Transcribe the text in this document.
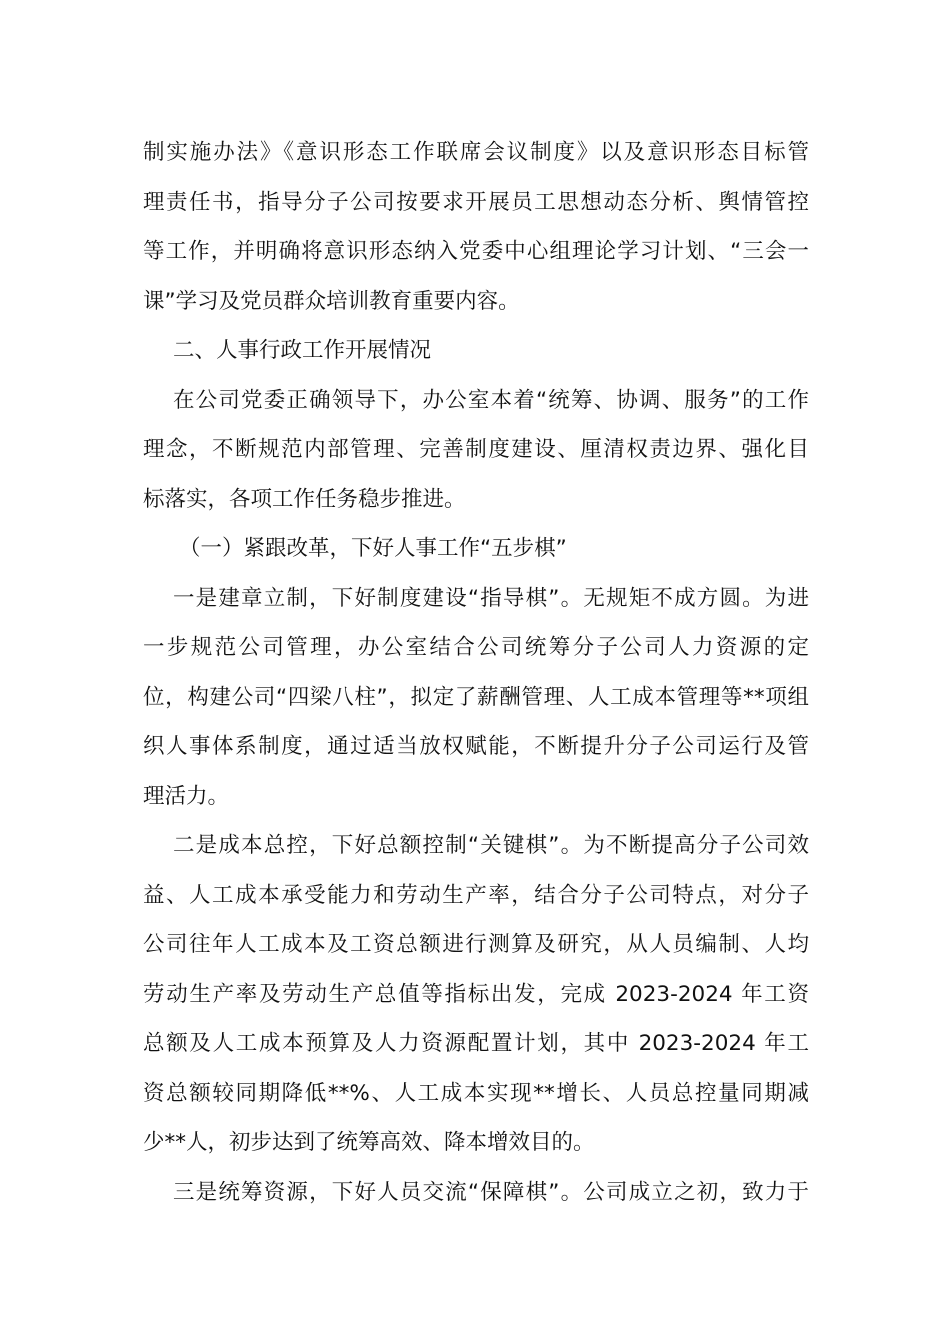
制实施办法》《意识形态工作联席会议制度》以及意识形态目标管
理责任书，指导分子公司按要求开展员工思想动态分析、舆情管控
等工作，并明确将意识形态纳入党委中心组理论学习计划、“三会一
课”学习及党员群众培训教育重要内容。
二、人事行政工作开展情况
在公司党委正确领导下，办公室本着“统筹、协调、服务”的工作
理念，不断规范内部管理、完善制度建设、厘清权责边界、强化目
标落实，各项工作任务稳步推进。
（一）紧跟改革，下好人事工作“五步棋”
一是建章立制，下好制度建设“指导棋”。无规矩不成方圆。为进
一步规范公司管理，办公室结合公司统筹分子公司人力资源的定
位，构建公司“四梁八柱”，拟定了薪酬管理、人工成本管理等**项组
织人事体系制度，通过适当放权赋能，不断提升分子公司运行及管
理活力。
二是成本总控，下好总额控制“关键棋”。为不断提高分子公司效
益、人工成本承受能力和劳动生产率，结合分子公司特点，对分子
公司往年人工成本及工资总额进行测算及研究，从人员编制、人均
劳动生产率及劳动生产总值等指标出发，完成 2023-2024 年工资
总额及人工成本预算及人力资源配置计划，其中 2023-2024 年工
资总额较同期降低**%、人工成本实现**增长、人员总控量同期减
少**人，初步达到了统筹高效、降本增效目的。
三是统筹资源，下好人员交流“保障棋”。公司成立之初，致力于
